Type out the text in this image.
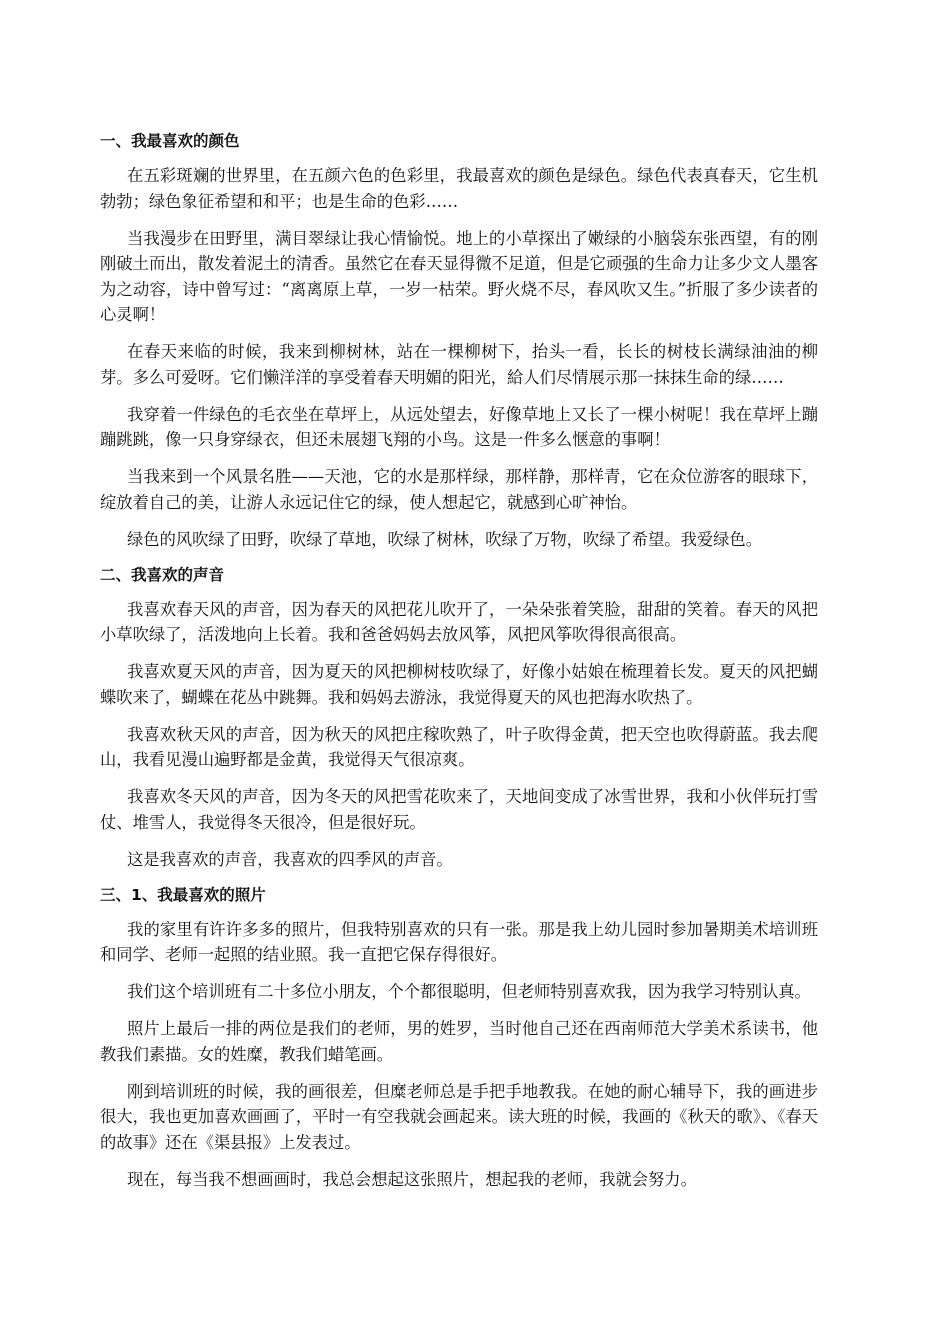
一、我最喜欢的颜色

在五彩斑斓的世界里，在五颜六色的色彩里，我最喜欢的颜色是绿色。绿色代表真春天，它生机勃勃；绿色象征希望和和平；也是生命的色彩……

当我漫步在田野里，满目翠绿让我心情愉悦。地上的小草探出了嫩绿的小脑袋东张西望，有的刚刚破土而出，散发着泥土的清香。虽然它在春天显得微不足道，但是它顽强的生命力让多少文人墨客为之动容，诗中曾写过：“离离原上草，一岁一枯荣。野火烧不尽，春风吹又生。”折服了多少读者的心灵啊！

在春天来临的时候，我来到柳树林，站在一棵柳树下，抬头一看，长长的树枝长满绿油油的柳芽。多么可爱呀。它们懒洋洋的享受着春天明媚的阳光，給人们尽情展示那一抹抹生命的绿……

我穿着一件绿色的毛衣坐在草坪上，从远处望去，好像草地上又长了一棵小树呢！我在草坪上蹦蹦跳跳，像一只身穿绿衣，但还未展翅飞翔的小鸟。这是一件多么惬意的事啊！

当我来到一个风景名胜——天池，它的水是那样绿，那样静，那样青，它在众位游客的眼球下，绽放着自己的美，让游人永远记住它的绿，使人想起它，就感到心旷神怡。

绿色的风吹绿了田野，吹绿了草地，吹绿了树林，吹绿了万物，吹绿了希望。我爱绿色。

二、我喜欢的声音

我喜欢春天风的声音，因为春天的风把花儿吹开了，一朵朵张着笑脸，甜甜的笑着。春天的风把小草吹绿了，活泼地向上长着。我和爸爸妈妈去放风筝，风把风筝吹得很高很高。

我喜欢夏天风的声音，因为夏天的风把柳树枝吹绿了，好像小姑娘在梳理着长发。夏天的风把蝴蝶吹来了，蝴蝶在花丛中跳舞。我和妈妈去游泳，我觉得夏天的风也把海水吹热了。

我喜欢秋天风的声音，因为秋天的风把庄稼吹熟了，叶子吹得金黄，把天空也吹得蔚蓝。我去爬山，我看见漫山遍野都是金黄，我觉得天气很凉爽。

我喜欢冬天风的声音，因为冬天的风把雪花吹来了，天地间变成了冰雪世界，我和小伙伴玩打雪仗、堆雪人，我觉得冬天很冷，但是很好玩。

这是我喜欢的声音，我喜欢的四季风的声音。

三、1、我最喜欢的照片

我的家里有许许多多的照片，但我特别喜欢的只有一张。那是我上幼儿园时参加暑期美术培训班和同学、老师一起照的结业照。我一直把它保存得很好。

我们这个培训班有二十多位小朋友，个个都很聪明，但老师特别喜欢我，因为我学习特别认真。

照片上最后一排的两位是我们的老师，男的姓罗，当时他自己还在西南师范大学美术系读书，他教我们素描。女的姓糜，教我们蜡笔画。

刚到培训班的时候，我的画很差，但糜老师总是手把手地教我。在她的耐心辅导下，我的画进步很大，我也更加喜欢画画了，平时一有空我就会画起来。读大班的时候，我画的《秋天的歌》、《春天的故事》还在《渠县报》上发表过。

现在，每当我不想画画时，我总会想起这张照片，想起我的老师，我就会努力。
